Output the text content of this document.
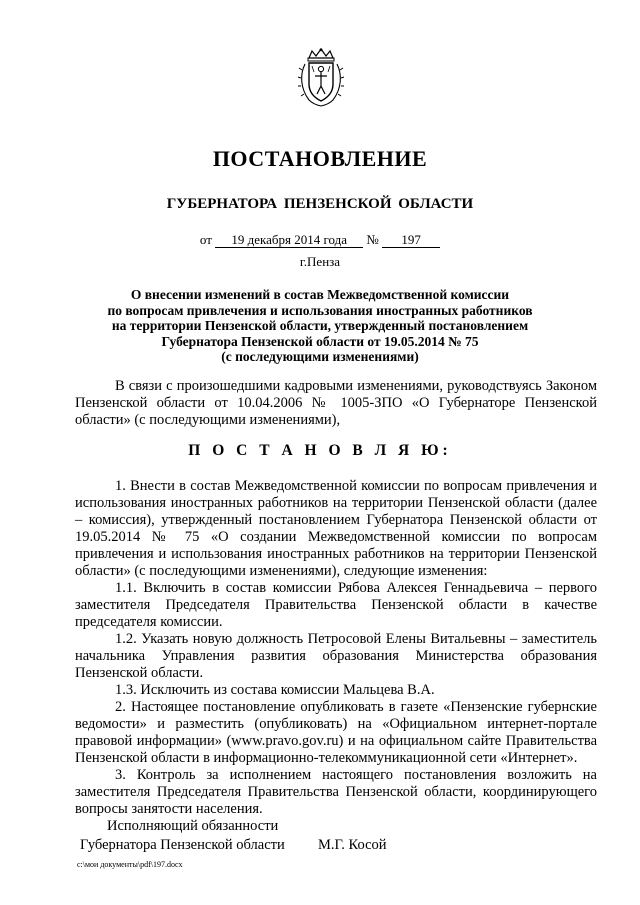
ПОСТАНОВЛЕНИЕ
ГУБЕРНАТОРА ПЕНЗЕНСКОЙ ОБЛАСТИ
от 19 декабря 2014 года № 197
г.Пенза
О внесении изменений в состав Межведомственной комиссии
по вопросам привлечения и использования иностранных работников
на территории Пензенской области, утвержденный постановлением
Губернатора Пензенской области от 19.05.2014 № 75
(с последующими изменениями)

В связи с произошедшими кадровыми изменениями, руководствуясь Законом Пензенской области от 10.04.2006 № 1005-ЗПО «О Губернаторе Пензенской области» (с последующими изменениями),

П О С Т А Н О В Л Я Ю:

1. Внести в состав Межведомственной комиссии по вопросам привлечения и использования иностранных работников на территории Пензенской области (далее – комиссия), утвержденный постановлением Губернатора Пензенской области от 19.05.2014 № 75 «О создании Межведомственной комиссии по вопросам привлечения и использования иностранных работников на территории Пензенской области» (с последующими изменениями), следующие изменения:

1.1. Включить в состав комиссии Рябова Алексея Геннадьевича – первого заместителя Председателя Правительства Пензенской области в качестве председателя комиссии.

1.2. Указать новую должность Петросовой Елены Витальевны – заместитель начальника Управления развития образования Министерства образования Пензенской области.

1.3. Исключить из состава комиссии Мальцева В.А.

2. Настоящее постановление опубликовать в газете «Пензенские губернские ведомости» и разместить (опубликовать) на «Официальном интернет-портале правовой информации» (www.pravo.gov.ru) и на официальном сайте Правительства Пензенской области в информационно-телекоммуникационной сети «Интернет».

3. Контроль за исполнением настоящего постановления возложить на заместителя Председателя Правительства Пензенской области, координирующего вопросы занятости населения.

Исполняющий обязанности
Губернатора Пензенской области М.Г. Косой
c:\мои документы\pdf\197.docx
